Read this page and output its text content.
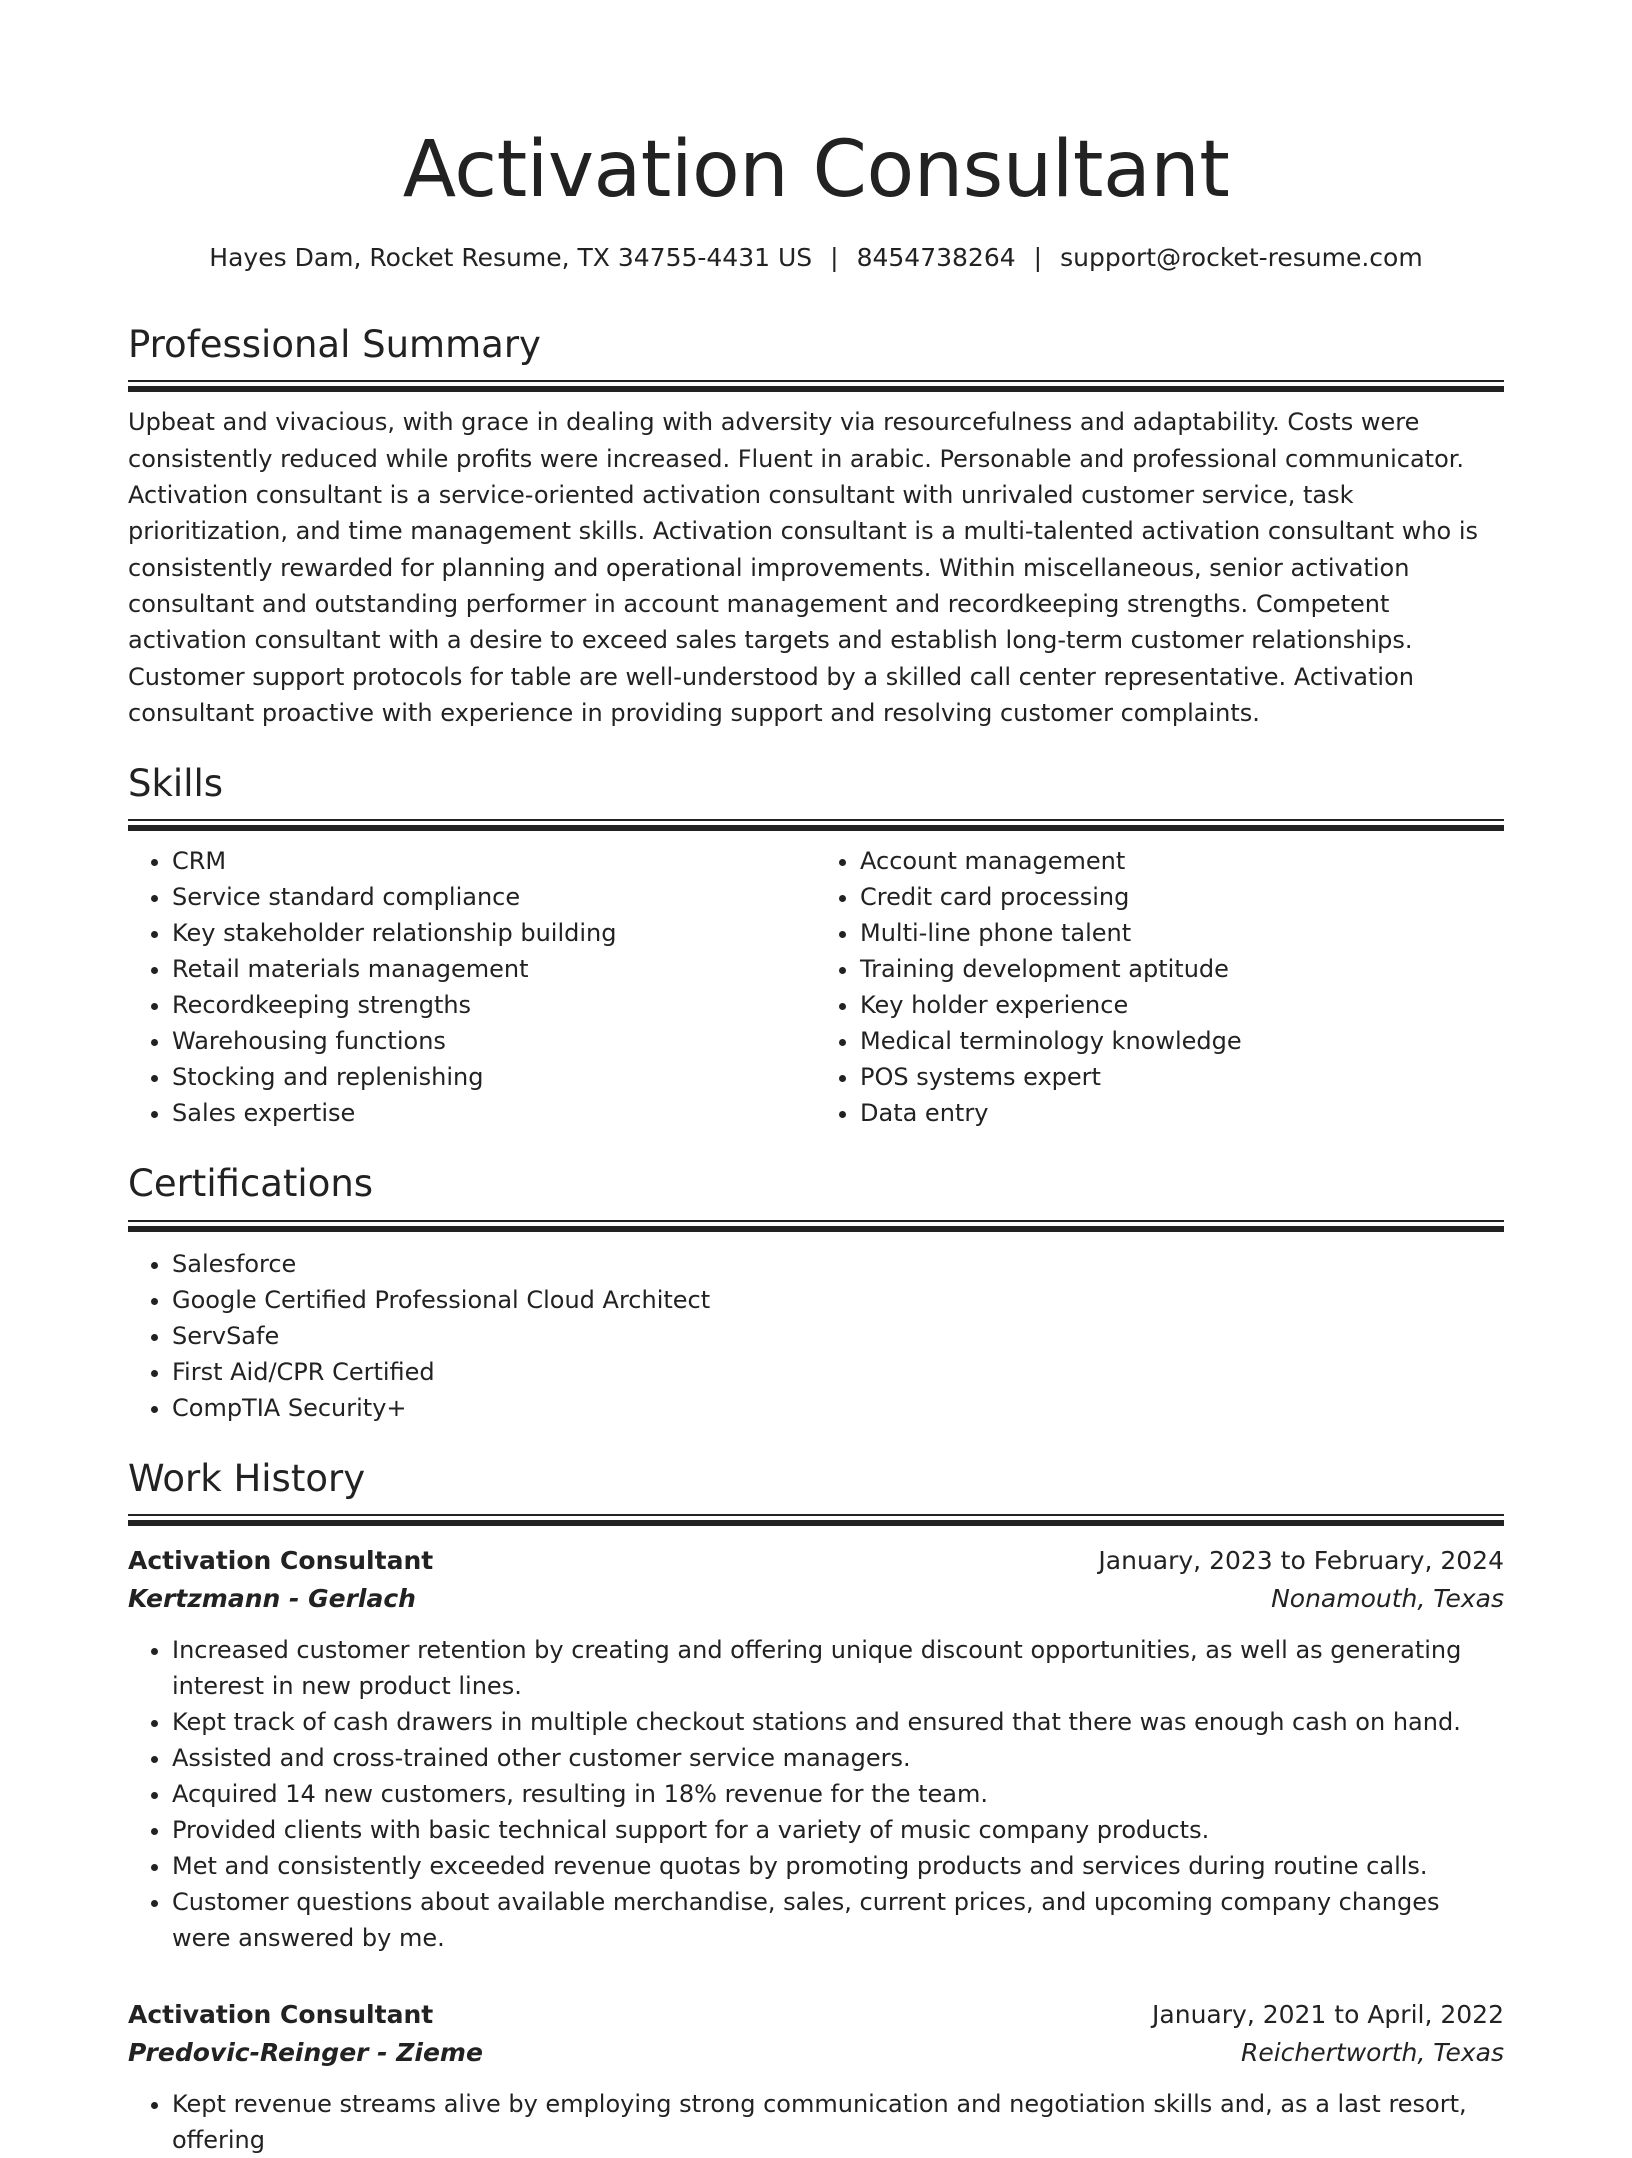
Activation Consultant
Hayes Dam, Rocket Resume, TX 34755-4431 US | 8454738264 | support@rocket-resume.com
Professional Summary

Upbeat and vivacious, with grace in dealing with adversity via resourcefulness and adaptability. Costs were consistently reduced while profits were increased. Fluent in arabic. Personable and professional communicator. Activation consultant is a service-oriented activation consultant with unrivaled customer service, task prioritization, and time management skills. Activation consultant is a multi-talented activation consultant who is consistently rewarded for planning and operational improvements. Within miscellaneous, senior activation consultant and outstanding performer in account management and recordkeeping strengths. Competent activation consultant with a desire to exceed sales targets and establish long-term customer relationships. Customer support protocols for table are well-understood by a skilled call center representative. Activation consultant proactive with experience in providing support and resolving customer complaints.

Skills
• CRM
• Service standard compliance
• Key stakeholder relationship building
• Retail materials management
• Recordkeeping strengths
• Warehousing functions
• Stocking and replenishing
• Sales expertise
• Account management
• Credit card processing
• Multi-line phone talent
• Training development aptitude
• Key holder experience
• Medical terminology knowledge
• POS systems expert
• Data entry
Certifications
• Salesforce
• Google Certified Professional Cloud Architect
• ServSafe
• First Aid/CPR Certified
• CompTIA Security+
Work History
Activation Consultant	January, 2023 to February, 2024
Kertzmann - Gerlach	Nonamouth, Texas
• Increased customer retention by creating and offering unique discount opportunities, as well as generating interest in new product lines.
• Kept track of cash drawers in multiple checkout stations and ensured that there was enough cash on hand.
• Assisted and cross-trained other customer service managers.
• Acquired 14 new customers, resulting in 18% revenue for the team.
• Provided clients with basic technical support for a variety of music company products.
• Met and consistently exceeded revenue quotas by promoting products and services during routine calls.
• Customer questions about available merchandise, sales, current prices, and upcoming company changes were answered by me.
Activation Consultant	January, 2021 to April, 2022
Predovic-Reinger - Zieme	Reichertworth, Texas
• Kept revenue streams alive by employing strong communication and negotiation skills and, as a last resort, offering
